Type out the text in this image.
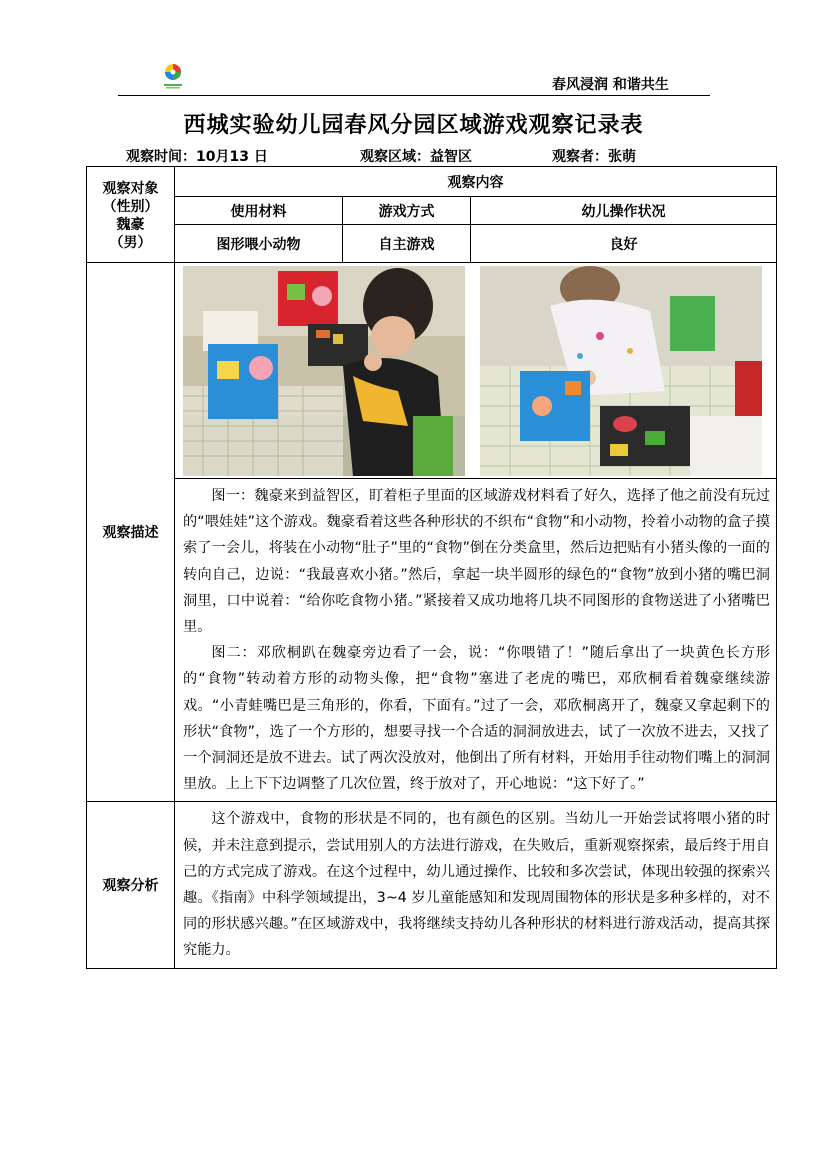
春风浸润 和谐共生
西城实验幼儿园春风分园区域游戏观察记录表
观察时间：10月13 日	观察区域：益智区	观察者：张萌
观察对象
（性别）
魏豪
（男）	观察内容		
	使用材料	游戏方式	幼儿操作状况
	图形喂小动物	自主游戏	良好
观察描述	

	图一：魏豪来到益智区，盯着柜子里面的区域游戏材料看了好久，选择了他之前没有玩过的“喂娃娃”这个游戏。魏豪看着这些各种形状的不织布“食物”和小动物，拎着小动物的盒子摸索了一会儿，将装在小动物“肚子”里的“食物”倒在分类盒里，然后边把贴有小猪头像的一面的转向自己，边说：“我最喜欢小猪。”然后，拿起一块半圆形的绿色的“食物”放到小猪的嘴巴洞洞里，口中说着：“给你吃食物小猪。”紧接着又成功地将几块不同图形的食物送进了小猪嘴巴里。

图二：邓欣桐趴在魏豪旁边看了一会，说：“你喂错了！”随后拿出了一块黄色长方形的“食物”转动着方形的动物头像，把“食物”塞进了老虎的嘴巴，邓欣桐看着魏豪继续游戏。“小青蛙嘴巴是三角形的，你看，下面有。”过了一会，邓欣桐离开了，魏豪又拿起剩下的形状“食物”，选了一个方形的，想要寻找一个合适的洞洞放进去，试了一次放不进去，又找了一个洞洞还是放不进去。试了两次没放对，他倒出了所有材料，开始用手往动物们嘴上的洞洞里放。上上下下边调整了几次位置，终于放对了，开心地说：“这下好了。”		

观察分析	这个游戏中，食物的形状是不同的，也有颜色的区别。当幼儿一开始尝试将喂小猪的时候，并未注意到提示，尝试用别人的方法进行游戏，在失败后，重新观察探索，最后终于用自己的方式完成了游戏。在这个过程中，幼儿通过操作、比较和多次尝试，体现出较强的探索兴趣。《指南》中科学领域提出，3~4 岁儿童能感知和发现周围物体的形状是多种多样的，对不同的形状感兴趣。”在区域游戏中，我将继续支持幼儿各种形状的材料进行游戏活动，提高其探究能力。		
